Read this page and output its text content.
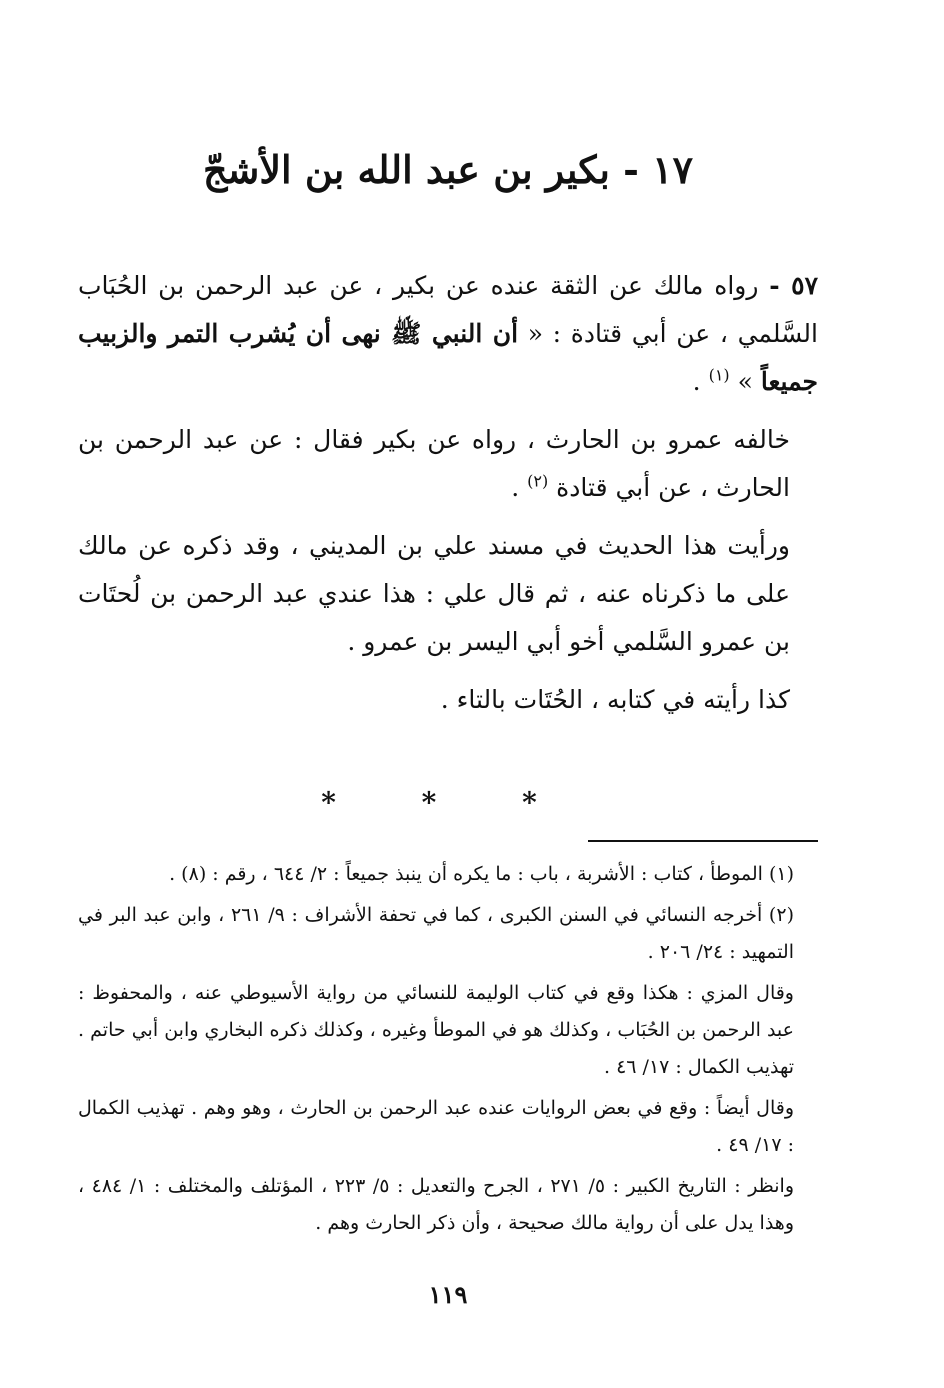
١٧ - بكير بن عبد الله بن الأشجّ

٥٧ - رواه مالك عن الثقة عنده عن بكير ، عن عبد الرحمن بن الحُبَاب السَّلمي ، عن أبي قتادة : « أن النبي ﷺ نهى أن يُشرب التمر والزبيب جميعاً » $^{(١)}$ .

خالفه عمرو بن الحارث ، رواه عن بكير فقال : عن عبد الرحمن بن الحارث ، عن أبي قتادة $^{(٢)}$ .

ورأيت هذا الحديث في مسند علي بن المديني ، وقد ذكره عن مالك على ما ذكرناه عنه ، ثم قال علي : هذا عندي عبد الرحمن بن لُحتَات بن عمرو السَّلمي أخو أبي اليسر بن عمرو .

كذا رأيته في كتابه ، الحُتَات بالتاء .

* * *

(١) الموطأ ، كتاب : الأشربة ، باب : ما يكره أن ينبذ جميعاً : ٢/ ٦٤٤ ، رقم : (٨) .

(٢) أخرجه النسائي في السنن الكبرى ، كما في تحفة الأشراف : ٩/ ٢٦١ ، وابن عبد البر في التمهيد : ٢٤/ ٢٠٦ .

وقال المزي : هكذا وقع في كتاب الوليمة للنسائي من رواية الأسيوطي عنه ، والمحفوظ : عبد الرحمن بن الحُبَاب ، وكذلك هو في الموطأ وغيره ، وكذلك ذكره البخاري وابن أبي حاتم . تهذيب الكمال : ١٧/ ٤٦ .

وقال أيضاً : وقع في بعض الروايات عنده عبد الرحمن بن الحارث ، وهو وهم . تهذيب الكمال : ١٧/ ٤٩ .

وانظر : التاريخ الكبير : ٥/ ٢٧١ ، الجرح والتعديل : ٥/ ٢٢٣ ، المؤتلف والمختلف : ١/ ٤٨٤ ، وهذا يدل على أن رواية مالك صحيحة ، وأن ذكر الحارث وهم .

١١٩
